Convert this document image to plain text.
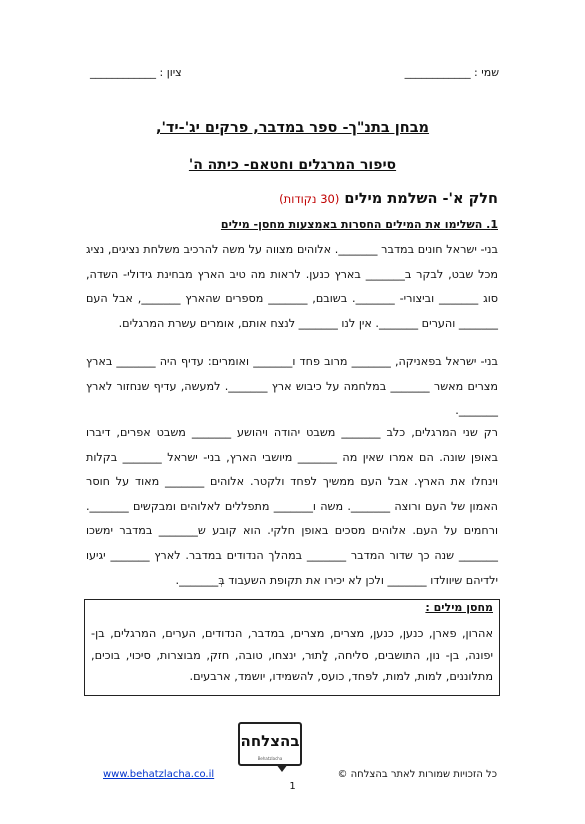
שמי : ____________
ציון : ____________
מבחן בתנ"ך- ספר במדבר, פרקים יג'-יד',
סיפור המרגלים וחטאם- כיתה ה'
חלק א'- השלמת מילים (30 נקודות)
1. השלימו את המילים החסרות באמצעות מחסן- מילים

בני- ישראל חונים במדבר _______. אלוהים מצווה על משה להרכיב משלחת נציגים, נציג מכל שבט, לבקר ב_______ בארץ כנען. לראות מה טיב הארץ מבחינת גידולי- השדה, סוג _______ וביצורי- _______. בשובם, _______ מספרים שהארץ _______, אבל העם _______ והערים _______. אין לנו _______ לנצח אותם, אומרים עשרת המרגלים.

בני- ישראל בפאניקה, _______ מרוב פחד ו_______ ואומרים: עדיף היה _______ בארץ מצרים מאשר _______ במלחמה על כיבוש ארץ _______. למעשה, עדיף שנחזור לארץ _______.

רק שני המרגלים, כלב _______ משבט יהודה ויהושע _______ משבט אפרים, דיברו באופן שונה. הם אמרו שאין מה _______ מיושבי הארץ, בני- ישראל _______ בקלות וינחלו את הארץ. אבל העם ממשיך לפחד ולקטר. אלוהים _______ מאוד על חוסר האמון של העם ורוצה _______. משה ו_______ מתפללים לאלוהים ומבקשים _______. ורחמים על העם. אלוהים מסכים באופן חלקי. הוא קובע ש_______ במדבר ימשכו _______ שנה כך שדור המדבר _______ במהלך הנדודים במדבר. לארץ _______ יגיעו ילדיהם שיוולדו _______ ולכן לא יכירו את תקופת השעבוד בְּ_______.

מחסן מילים :
אהרון, פארן, כנען, כנען, מצרים, מצרים, במדבר, הנדודים, הערים, המרגלים, בן- יפונה, בן- נון, התושבים, סליחה, לָתוּר, ינצחו, טובה, חזק, מבוצרות, סיכוי, בוכים, מתלוננים, למות, למות, לפחד, כועס, להשמידו, יושמד, ארבעים.
בהצלחה
Behatzlacha
www.behatzlacha.co.il	כל הזכויות שמורות לאתר בהצלחה ©
1
